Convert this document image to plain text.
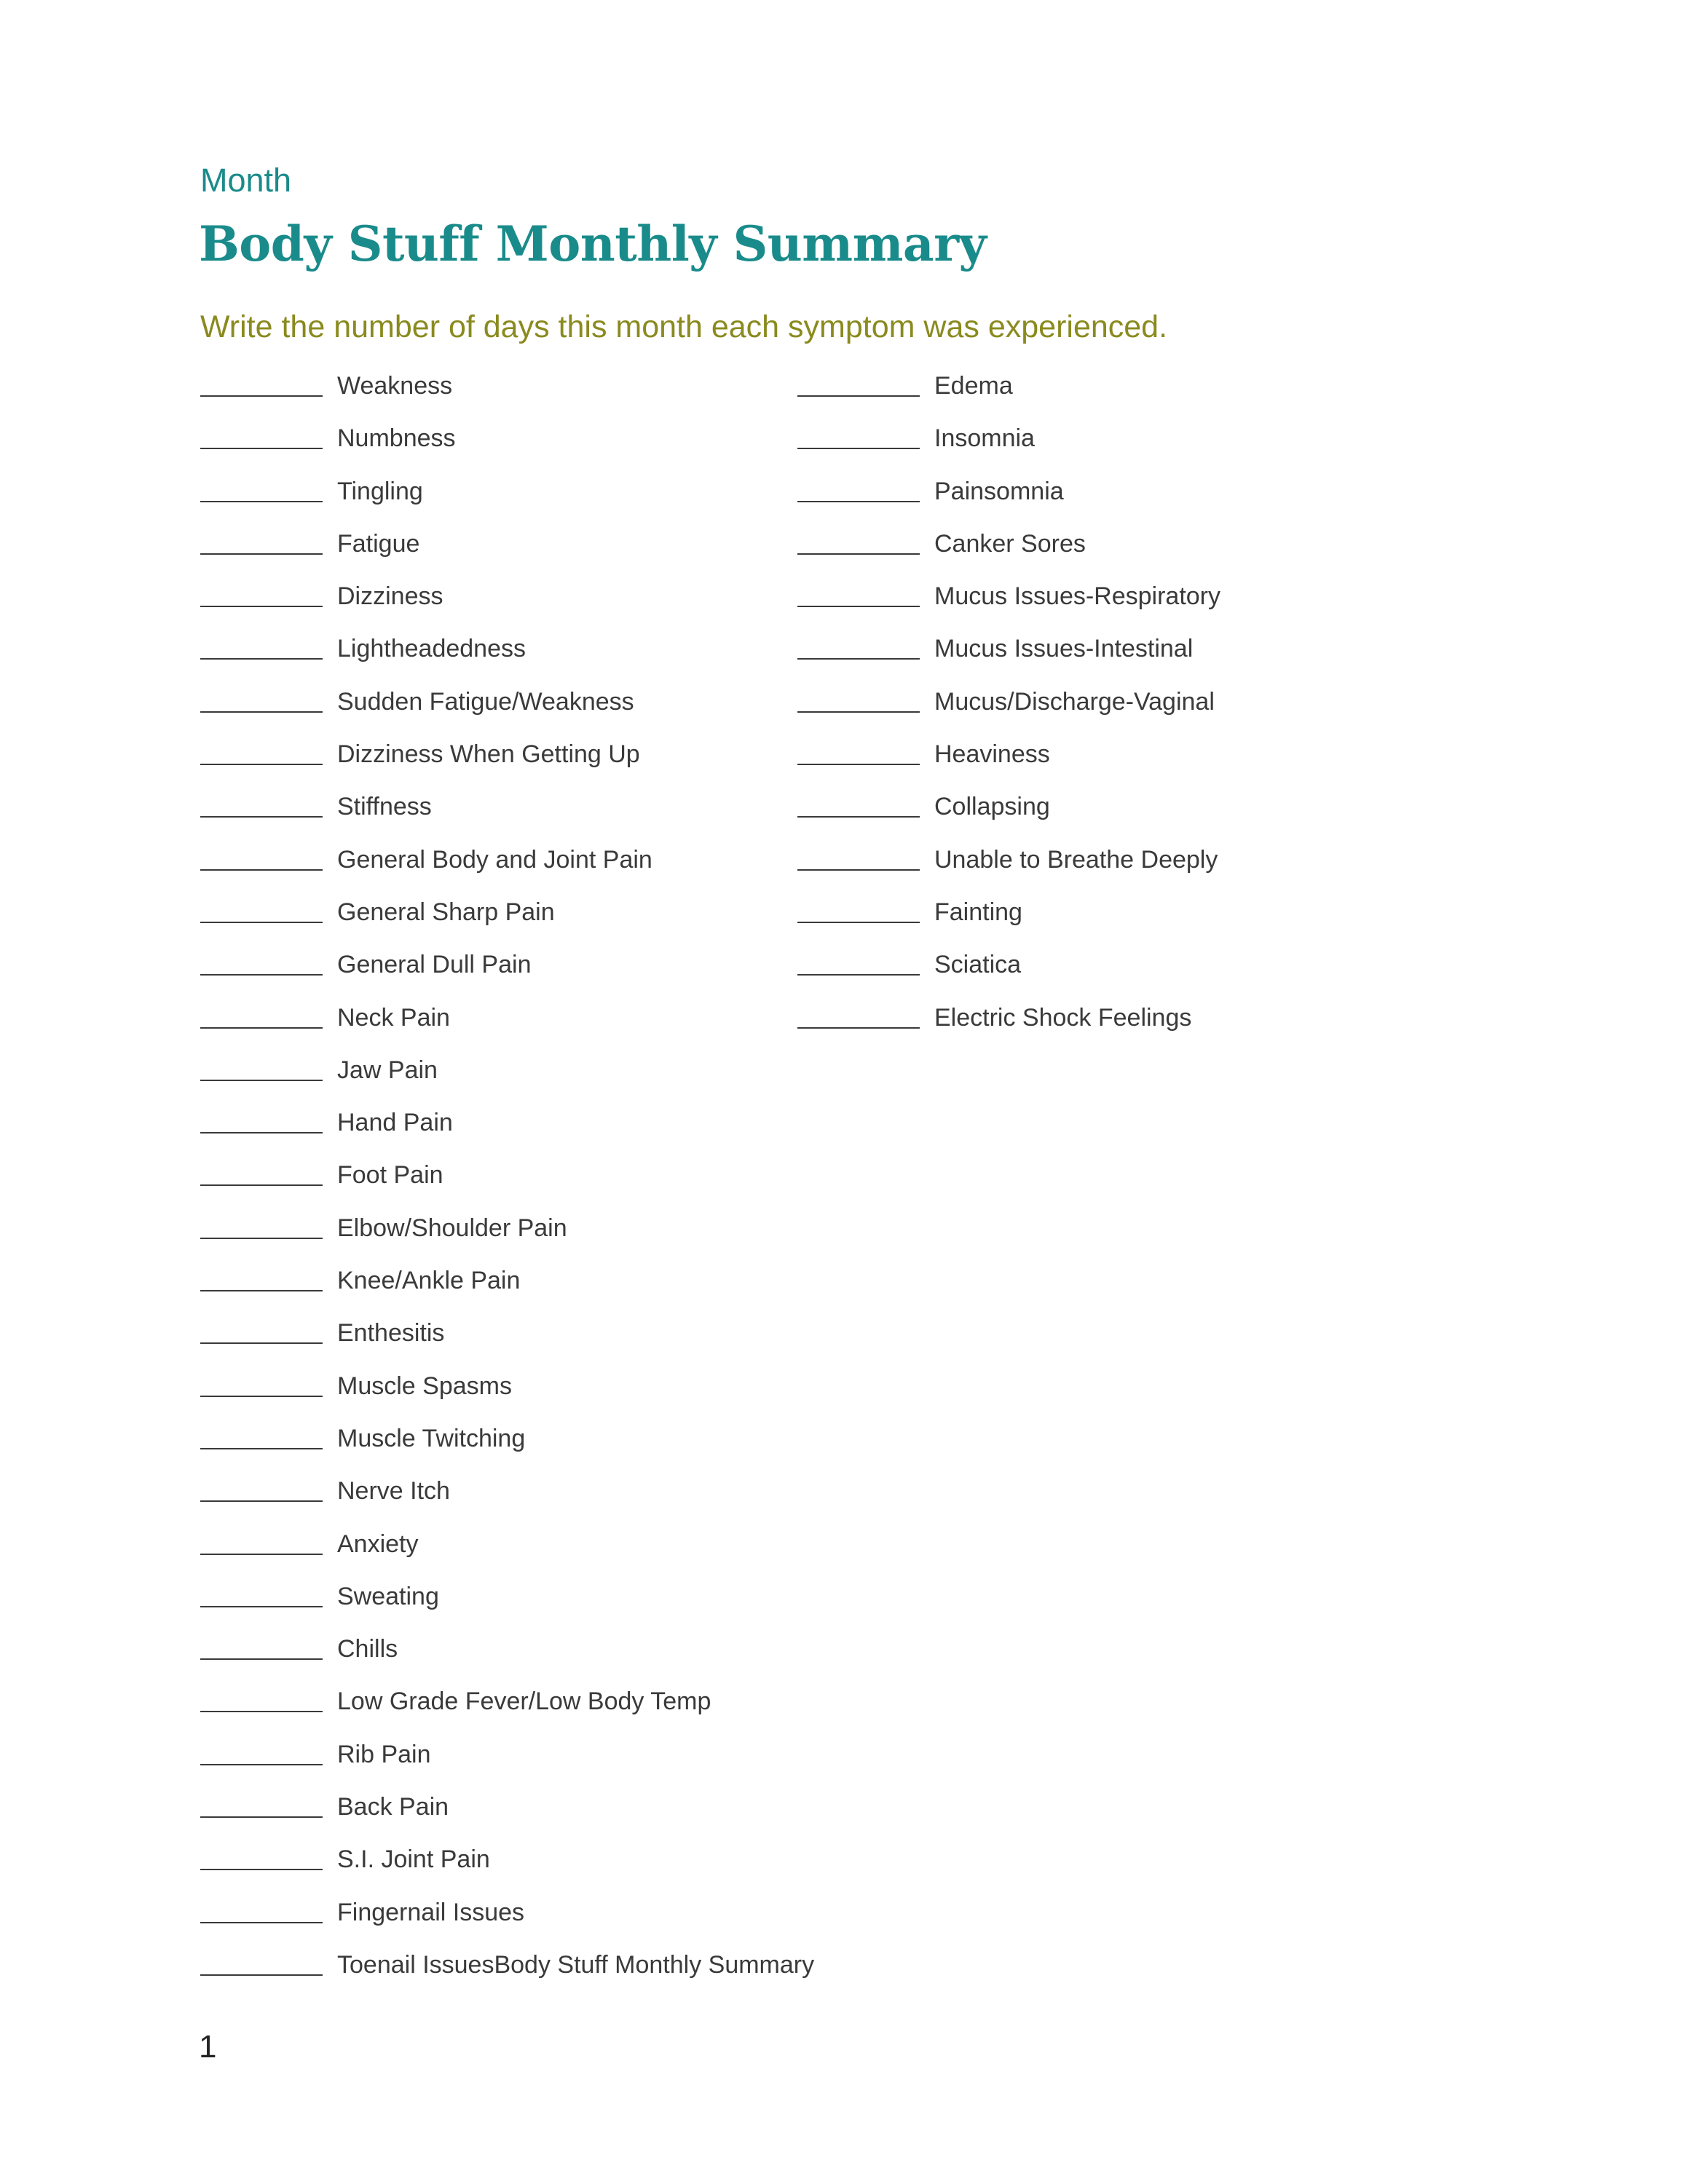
Month
Body Stuff Monthly Summary
Write the number of days this month each symptom was experienced.
Weakness
Numbness
Tingling
Fatigue
Dizziness
Lightheadedness
Sudden Fatigue/Weakness
Dizziness When Getting Up
Stiffness
General Body and Joint Pain
General Sharp Pain
General Dull Pain
Neck Pain
Jaw Pain
Hand Pain
Foot Pain
Elbow/Shoulder Pain
Knee/Ankle Pain
Enthesitis
Muscle Spasms
Muscle Twitching
Nerve Itch
Anxiety
Sweating
Chills
Low Grade Fever/Low Body Temp
Rib Pain
Back Pain
S.I. Joint Pain
Fingernail Issues
Toenail IssuesBody Stuff Monthly Summary
Edema
Insomnia
Painsomnia
Canker Sores
Mucus Issues-Respiratory
Mucus Issues-Intestinal
Mucus/Discharge-Vaginal
Heaviness
Collapsing
Unable to Breathe Deeply
Fainting
Sciatica
Electric Shock Feelings
1
